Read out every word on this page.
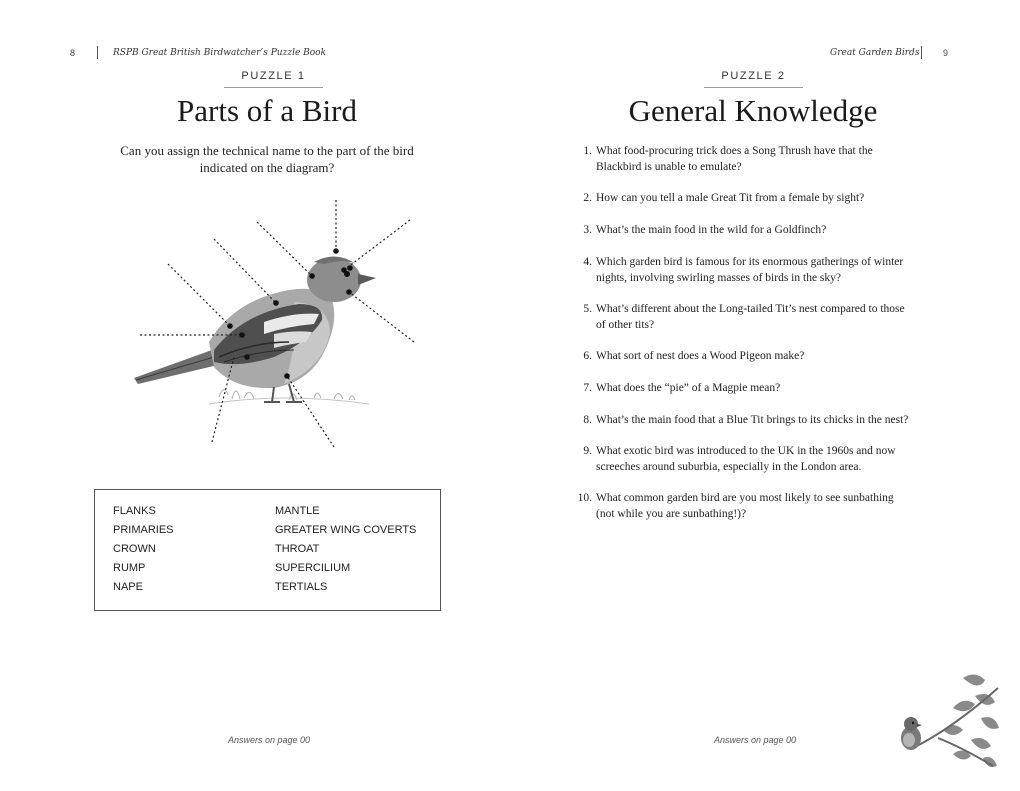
8	RSPB Great British Birdwatcher’s Puzzle Book
PUZZLE 1
Parts of a Bird
Can you assign the technical name to the part of the bird indicated on the diagram?
FLANKS
PRIMARIES
CROWN
RUMP
NAPE
MANTLE
GREATER WING COVERTS
THROAT
SUPERCILIUM
TERTIALS
Answers on page 00
Great Garden Birds	9
PUZZLE 2
General Knowledge
Answers on page 00
1. What food-procuring trick does a Song Thrush have that the
Blackbird is unable to emulate?
2. How can you tell a male Great Tit from a female by sight?
3. What’s the main food in the wild for a Goldfinch?
4. Which garden bird is famous for its enormous gatherings of winter
nights, involving swirling masses of birds in the sky?
5. What’s different about the Long-tailed Tit’s nest compared to those
of other tits?
6. What sort of nest does a Wood Pigeon make?
7. What does the “pie” of a Magpie mean?
8. What’s the main food that a Blue Tit brings to its chicks in the nest?
9. What exotic bird was introduced to the UK in the 1960s and now
screeches around suburbia, especially in the London area.
10. What common garden bird are you most likely to see sunbathing
(not while you are sunbathing!)?
